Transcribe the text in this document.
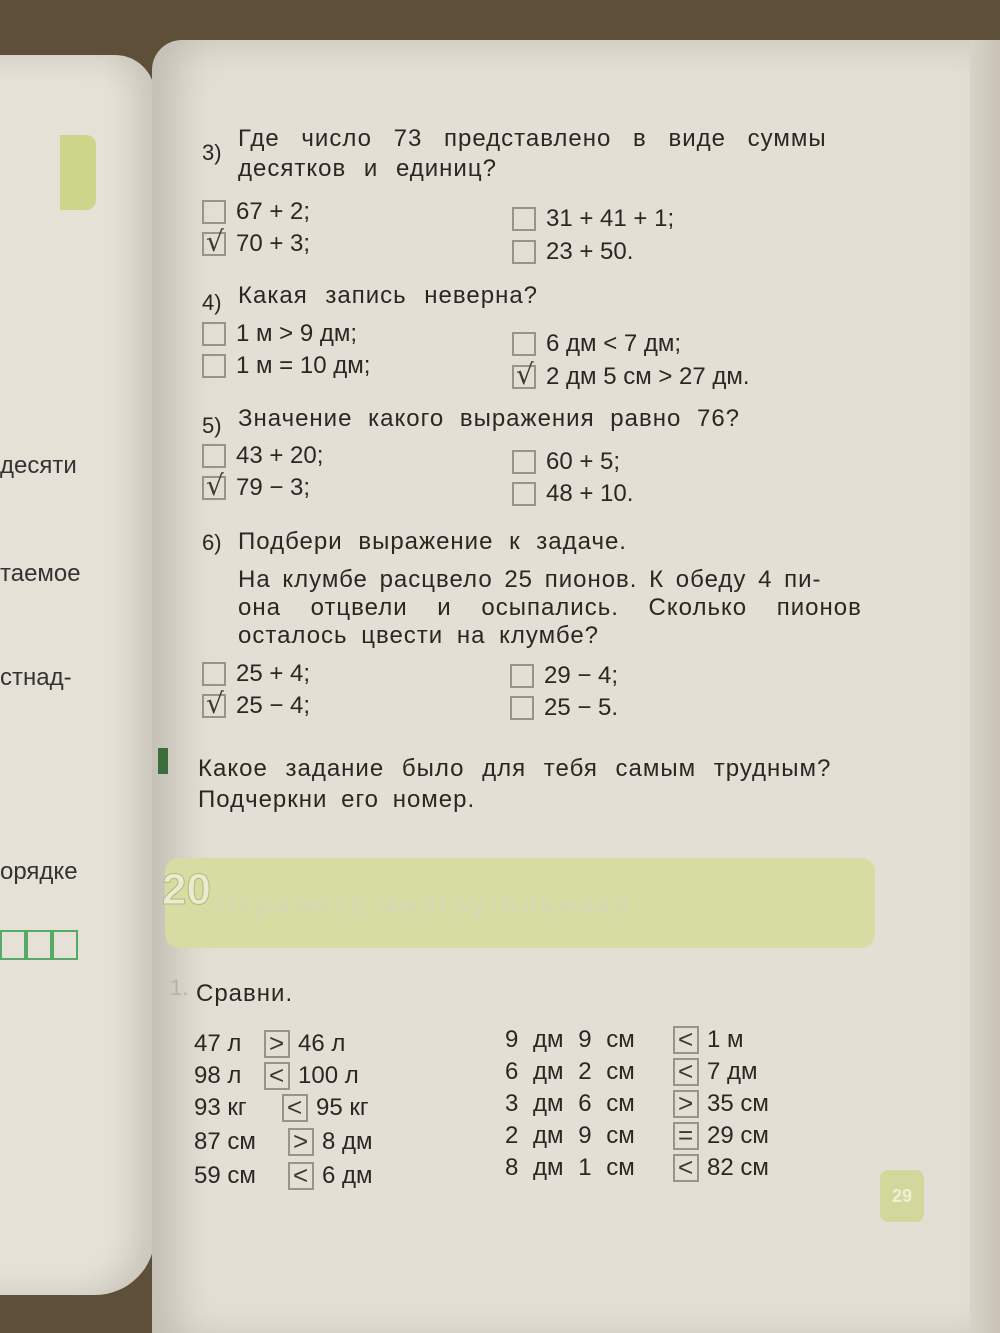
десяти
таемое
стнад-
орядке
3)
Где число 73 представлено в виде суммы
десятков и единиц?
67 + 2;
√ 70 + 3;
31 + 41 + 1;
23 + 50.
4) Какая запись неверна?
1 м > 9 дм;
1 м = 10 дм;
6 дм < 7 дм;
√ 2 дм 5 см > 27 дм.
5) Значение какого выражения равно 76?
43 + 20;
√ 79 − 3;
60 + 5;
48 + 10.
6) Подбери выражение к задаче.
На клумбе расцвело 25 пионов. К обеду 4 пи-
она отцвели и осыпались. Сколько пионов
осталось цвести на клумбе?
25 + 4;
√ 25 − 4;
29 − 4;
25 − 5.
Какое задание было для тебя самым трудным?
Подчеркни его номер.
20 Периметр многоугольника
1. Сравни.
47 л	> 46 л
98 л	< 100 л
93 кг	< 95 кг
87 см	> 8 дм
59 см	< 6 дм
9 дм 9 см	< 1 м
6 дм 2 см	< 7 дм
3 дм 6 см	> 35 см
2 дм 9 см	= 29 см
8 дм 1 см	< 82 см
29
